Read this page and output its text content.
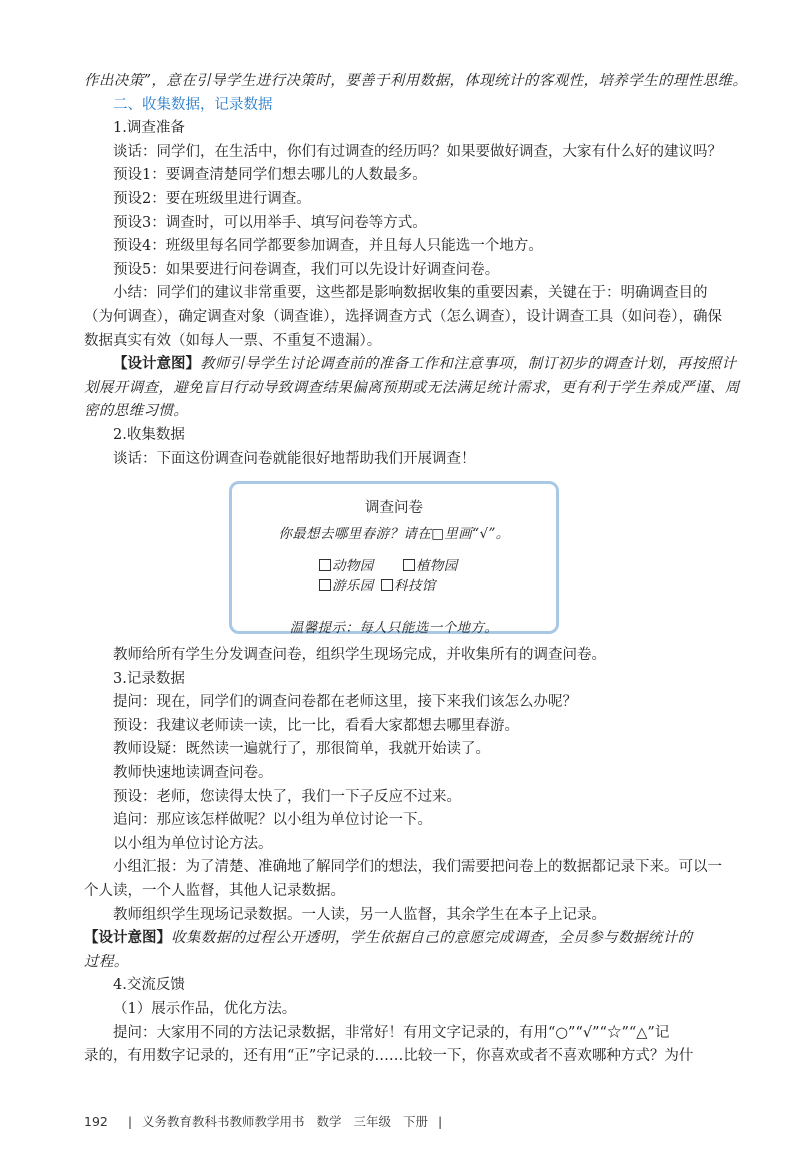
作出决策”，意在引导学生进行决策时，要善于利用数据，体现统计的客观性，培养学生的理性思维。

二、收集数据，记录数据

1.调查准备

谈话：同学们，在生活中，你们有过调查的经历吗？如果要做好调查，大家有什么好的建议吗？

预设1：要调查清楚同学们想去哪儿的人数最多。

预设2：要在班级里进行调查。

预设3：调查时，可以用举手、填写问卷等方式。

预设4：班级里每名同学都要参加调查，并且每人只能选一个地方。

预设5：如果要进行问卷调查，我们可以先设计好调查问卷。

小结：同学们的建议非常重要，这些都是影响数据收集的重要因素，关键在于：明确调查目的

（为何调查），确定调查对象（调查谁），选择调查方式（怎么调查），设计调查工具（如问卷），确保

数据真实有效（如每人一票、不重复不遗漏）。

【设计意图】教师引导学生讨论调查前的准备工作和注意事项，制订初步的调查计划，再按照计

划展开调查，避免盲目行动导致调查结果偏离预期或无法满足统计需求，更有利于学生养成严谨、周

密的思维习惯。

2.收集数据

谈话：下面这份调查问卷就能很好地帮助我们开展调查！

调查问卷
你最想去哪里春游？请在□里画“√”。
动物园	植物园
游乐园 科技馆
温馨提示：每人只能选一个地方。

教师给所有学生分发调查问卷，组织学生现场完成，并收集所有的调查问卷。

3.记录数据

提问：现在，同学们的调查问卷都在老师这里，接下来我们该怎么办呢？

预设：我建议老师读一读，比一比，看看大家都想去哪里春游。

教师设疑：既然读一遍就行了，那很简单，我就开始读了。

教师快速地读调查问卷。

预设：老师，您读得太快了，我们一下子反应不过来。

追问：那应该怎样做呢？以小组为单位讨论一下。

以小组为单位讨论方法。

小组汇报：为了清楚、准确地了解同学们的想法，我们需要把问卷上的数据都记录下来。可以一

个人读，一个人监督，其他人记录数据。

教师组织学生现场记录数据。一人读，另一人监督，其余学生在本子上记录。

【设计意图】收集数据的过程公开透明，学生依据自己的意愿完成调查，全员参与数据统计的

过程。

4.交流反馈

（1）展示作品，优化方法。

提问：大家用不同的方法记录数据，非常好！有用文字记录的，有用“○”“√”“☆”“△”记

录的，有用数字记录的，还有用“正”字记录的……比较一下，你喜欢或者不喜欢哪种方式？为什

192 | 义务教育教科书教师教学用书 数学 三年级 下册 |
